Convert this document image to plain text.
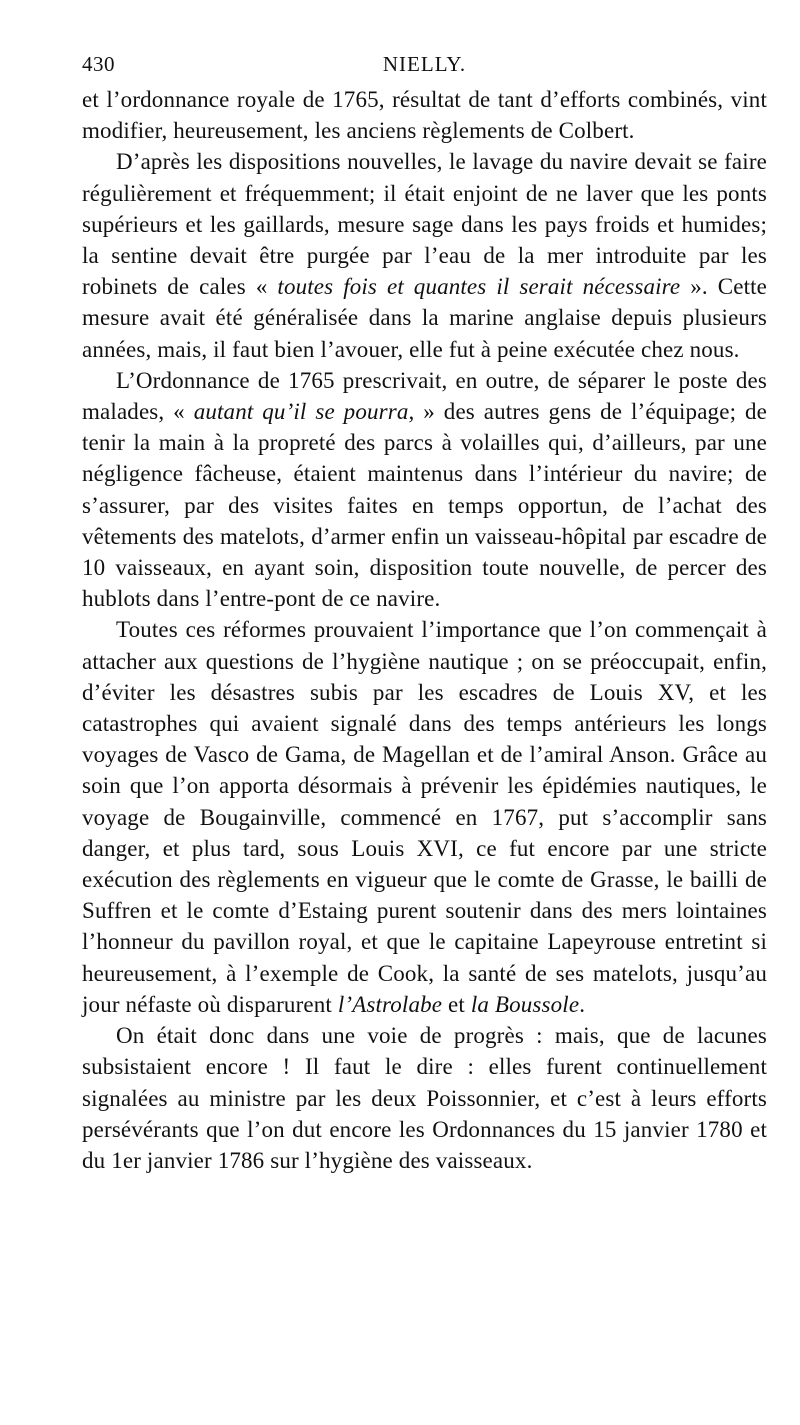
430	NIELLY.

et l’ordonnance royale de 1765, résultat de tant d’efforts combinés, vint modifier, heureusement, les anciens règlements de Colbert.

D’après les dispositions nouvelles, le lavage du navire devait se faire régulièrement et fréquemment; il était enjoint de ne laver que les ponts supérieurs et les gaillards, mesure sage dans les pays froids et humides; la sentine devait être purgée par l’eau de la mer introduite par les robinets de cales « toutes fois et quantes il serait nécessaire ». Cette mesure avait été généralisée dans la marine anglaise depuis plusieurs années, mais, il faut bien l’avouer, elle fut à peine exécutée chez nous.

L’Ordonnance de 1765 prescrivait, en outre, de séparer le poste des malades, « autant qu’il se pourra, » des autres gens de l’équipage; de tenir la main à la propreté des parcs à volailles qui, d’ailleurs, par une négligence fâcheuse, étaient maintenus dans l’intérieur du navire; de s’assurer, par des visites faites en temps opportun, de l’achat des vêtements des matelots, d’armer enfin un vaisseau-hôpital par escadre de 10 vaisseaux, en ayant soin, disposition toute nouvelle, de percer des hublots dans l’entre-pont de ce navire.

Toutes ces réformes prouvaient l’importance que l’on commençait à attacher aux questions de l’hygiène nautique ; on se préoccupait, enfin, d’éviter les désastres subis par les escadres de Louis XV, et les catastrophes qui avaient signalé dans des temps antérieurs les longs voyages de Vasco de Gama, de Magellan et de l’amiral Anson. Grâce au soin que l’on apporta désormais à prévenir les épidémies nautiques, le voyage de Bougainville, commencé en 1767, put s’accomplir sans danger, et plus tard, sous Louis XVI, ce fut encore par une stricte exécution des règlements en vigueur que le comte de Grasse, le bailli de Suffren et le comte d’Estaing purent soutenir dans des mers lointaines l’honneur du pavillon royal, et que le capitaine Lapeyrouse entretint si heureusement, à l’exemple de Cook, la santé de ses matelots, jusqu’au jour néfaste où disparurent l’Astrolabe et la Boussole.

On était donc dans une voie de progrès : mais, que de lacunes subsistaient encore ! Il faut le dire : elles furent continuellement signalées au ministre par les deux Poissonnier, et c’est à leurs efforts persévérants que l’on dut encore les Ordonnances du 15 janvier 1780 et du 1er janvier 1786 sur l’hygiène des vaisseaux.
